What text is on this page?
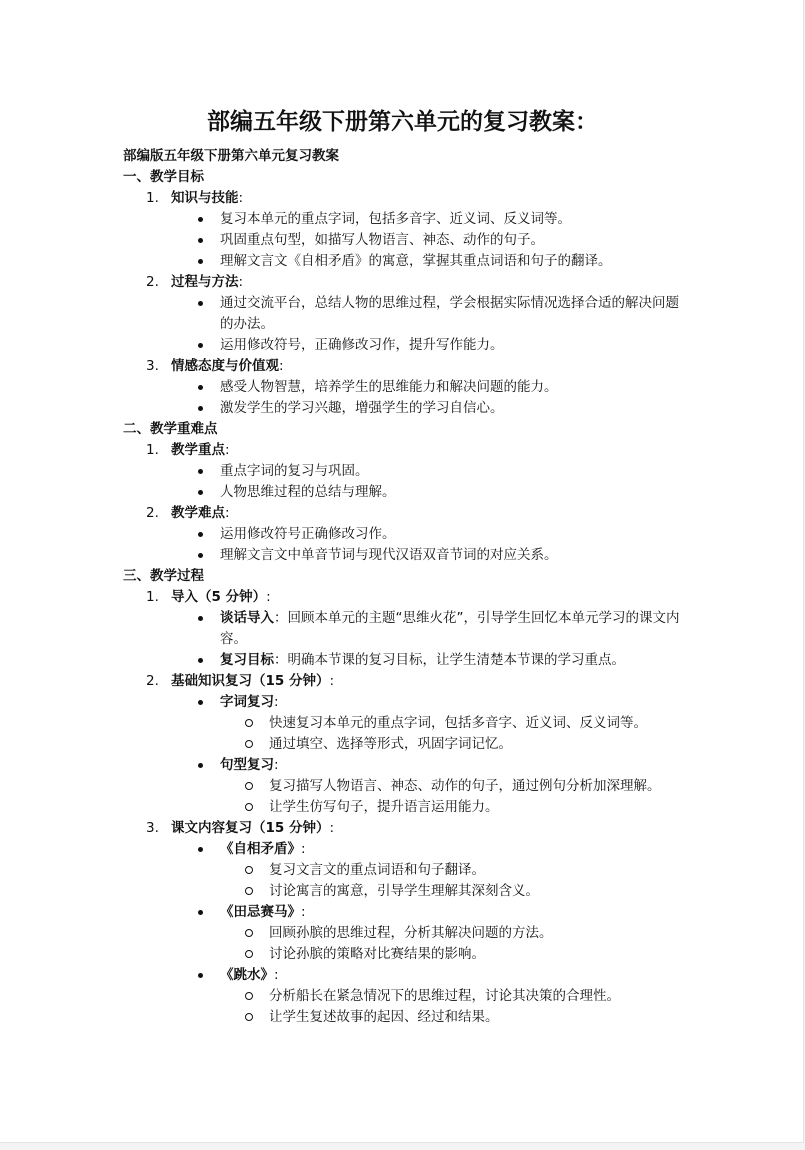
部编五年级下册第六单元的复习教案：

部编版五年级下册第六单元复习教案

一、教学目标

1. 知识与技能:
复习本单元的重点字词，包括多音字、近义词、反义词等。
巩固重点句型，如描写人物语言、神态、动作的句子。
理解文言文《自相矛盾》的寓意，掌握其重点词语和句子的翻译。
2. 过程与方法:
通过交流平台，总结人物的思维过程，学会根据实际情况选择合适的解决问题的办法。
运用修改符号，正确修改习作，提升写作能力。
3. 情感态度与价值观:
感受人物智慧，培养学生的思维能力和解决问题的能力。
激发学生的学习兴趣，增强学生的学习自信心。

二、教学重难点

1. 教学重点:
重点字词的复习与巩固。
人物思维过程的总结与理解。
2. 教学难点:
运用修改符号正确修改习作。
理解文言文中单音节词与现代汉语双音节词的对应关系。

三、教学过程

1. 导入（5 分钟）:
谈话导入：回顾本单元的主题“思维火花”，引导学生回忆本单元学习的课文内容。
复习目标：明确本节课的复习目标，让学生清楚本节课的学习重点。
2. 基础知识复习（15 分钟）:
字词复习:
快速复习本单元的重点字词，包括多音字、近义词、反义词等。
通过填空、选择等形式，巩固字词记忆。
句型复习:
复习描写人物语言、神态、动作的句子，通过例句分析加深理解。
让学生仿写句子，提升语言运用能力。
3. 课文内容复习（15 分钟）:
《自相矛盾》:
复习文言文的重点词语和句子翻译。
讨论寓言的寓意，引导学生理解其深刻含义。
《田忌赛马》:
回顾孙膑的思维过程，分析其解决问题的方法。
讨论孙膑的策略对比赛结果的影响。
《跳水》:
分析船长在紧急情况下的思维过程，讨论其决策的合理性。
让学生复述故事的起因、经过和结果。
